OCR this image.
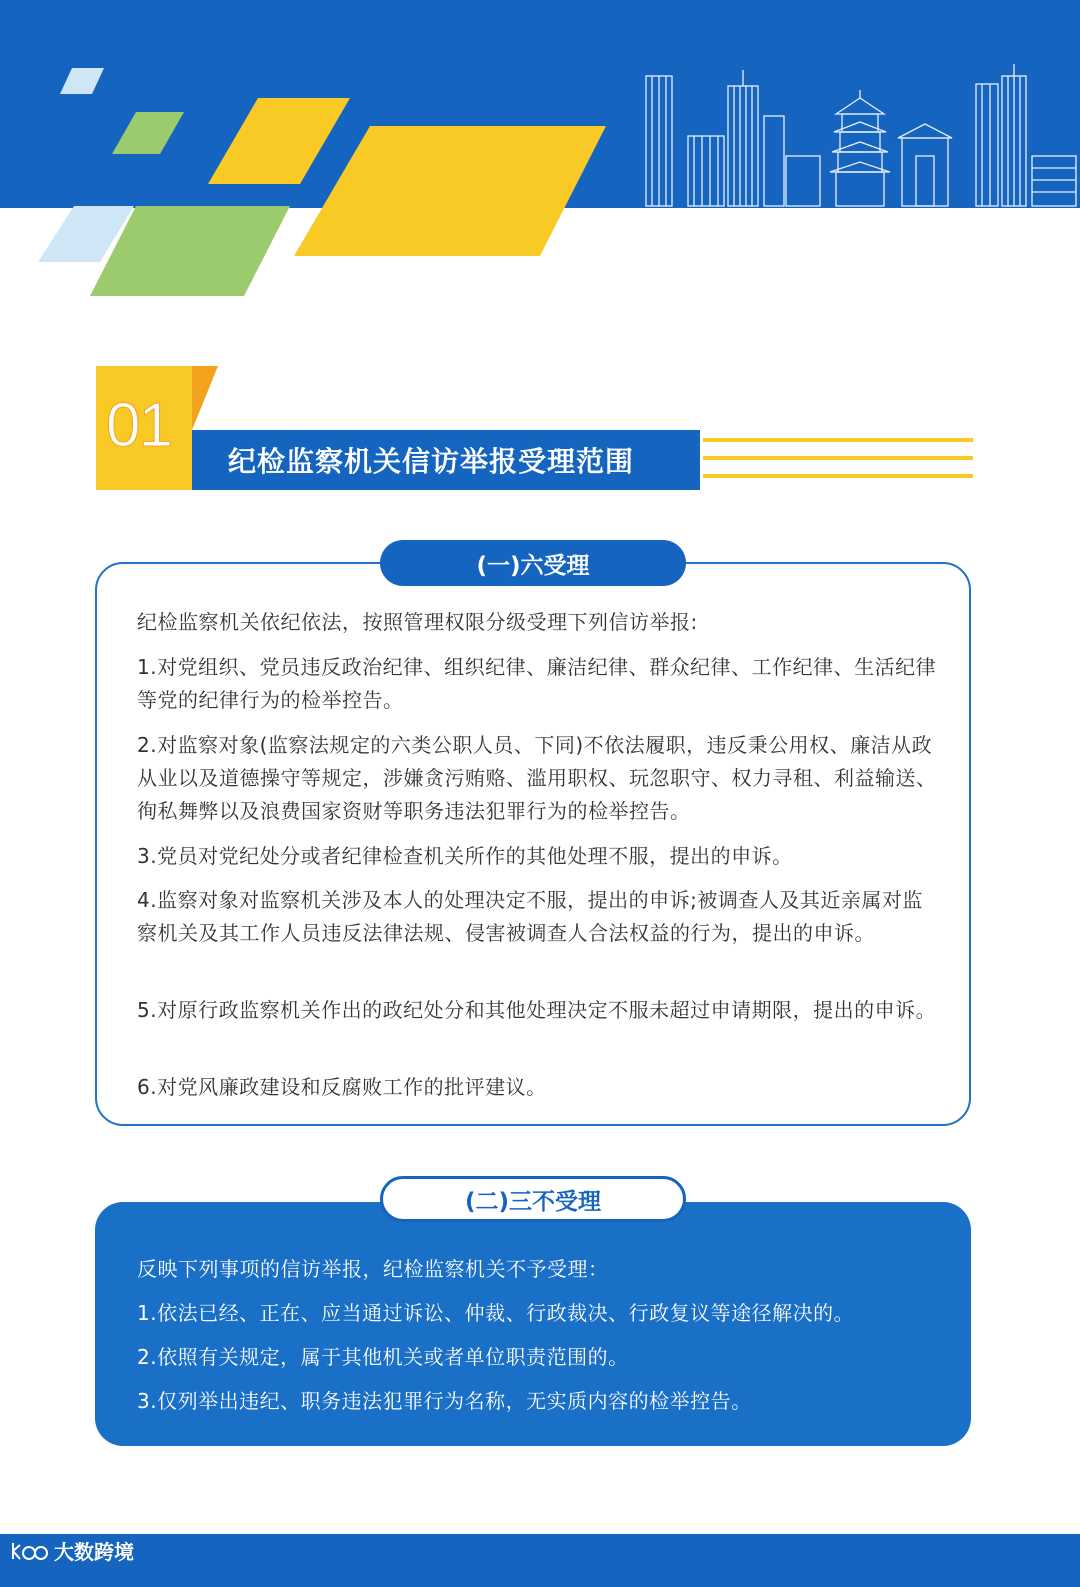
01
纪检监察机关信访举报受理范围
(一)六受理
纪检监察机关依纪依法，按照管理权限分级受理下列信访举报:
1.对党组织、党员违反政治纪律、组织纪律、廉洁纪律、群众纪律、工作纪律、生活纪律等党的纪律行为的检举控告。
2.对监察对象(监察法规定的六类公职人员、下同)不依法履职，违反秉公用权、廉洁从政从业以及道德操守等规定，涉嫌贪污贿赂、滥用职权、玩忽职守、权力寻租、利益输送、徇私舞弊以及浪费国家资财等职务违法犯罪行为的检举控告。
3.党员对党纪处分或者纪律检查机关所作的其他处理不服，提出的申诉。
4.监察对象对监察机关涉及本人的处理决定不服，提出的申诉;被调查人及其近亲属对监察机关及其工作人员违反法律法规、侵害被调查人合法权益的行为，提出的申诉。
5.对原行政监察机关作出的政纪处分和其他处理决定不服未超过申请期限，提出的申诉。
6.对党风廉政建设和反腐败工作的批评建议。
(二)三不受理
反映下列事项的信访举报，纪检监察机关不予受理：
1.依法已经、正在、应当通过诉讼、仲裁、行政裁决、行政复议等途径解决的。
2.依照有关规定，属于其他机关或者单位职责范围的。
3.仅列举出违纪、职务违法犯罪行为名称，无实质内容的检举控告。
大数跨境
